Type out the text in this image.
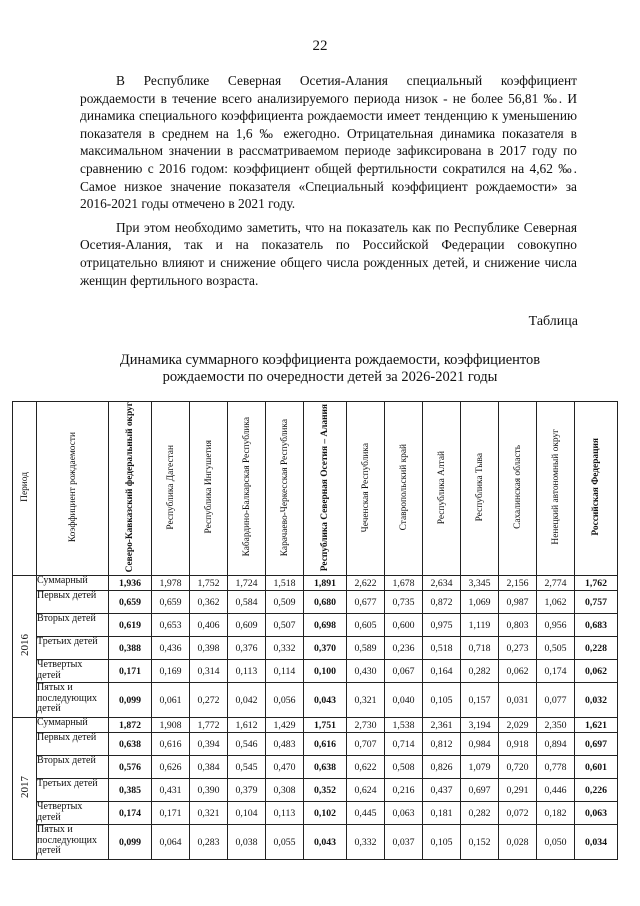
22

В Республике Северная Осетия-Алания специальный коэффициент рождаемости в течение всего анализируемого периода низок - не более 56,81 ‰. И динамика специального коэффициента рождаемости имеет тенденцию к уменьшению показателя в среднем на 1,6 ‰ ежегодно. Отрицательная динамика показателя в максимальном значении в рассматриваемом периоде зафиксирована в 2017 году по сравнению с 2016 годом: коэффициент общей фертильности сократился на 4,62 ‰. Самое низкое значение показателя «Специальный коэффициент рождаемости» за 2016-2021 годы отмечено в 2021 году.

При этом необходимо заметить, что на показатель как по Республике Северная Осетия-Алания, так и на показатель по Российской Федерации совокупно отрицательно влияют и снижение общего числа рожденных детей, и снижение числа женщин фертильного возраста.

Таблица
Динамика суммарного коэффициента рождаемости, коэффициентов
рождаемости по очередности детей за 2026-2021 годы
Период	Коэффициент рождаемости	Северо-Кавказский федеральный округ	Республика Дагестан	Республика Ингушетия	Кабардино-Балкарская Республика	Карачаево-Черкесская Республика	Республика Северная Осетия – Алания	Чеченская Республика	Ставропольский край	Республика Алтай	Республика Тыва	Сахалинская область	Ненецкий автономный округ	Российская Федерация
2016	Суммарный	1,936	1,978	1,752	1,724	1,518	1,891	2,622	1,678	2,634	3,345	2,156	2,774	1,762
	Первых детей	0,659	0,659	0,362	0,584	0,509	0,680	0,677	0,735	0,872	1,069	0,987	1,062	0,757
	Вторых детей	0,619	0,653	0,406	0,609	0,507	0,698	0,605	0,600	0,975	1,119	0,803	0,956	0,683
	Третьих детей	0,388	0,436	0,398	0,376	0,332	0,370	0,589	0,236	0,518	0,718	0,273	0,505	0,228
	Четвертых детей	0,171	0,169	0,314	0,113	0,114	0,100	0,430	0,067	0,164	0,282	0,062	0,174	0,062
	Пятых и последующих детей	0,099	0,061	0,272	0,042	0,056	0,043	0,321	0,040	0,105	0,157	0,031	0,077	0,032
2017	Суммарный	1,872	1,908	1,772	1,612	1,429	1,751	2,730	1,538	2,361	3,194	2,029	2,350	1,621
	Первых детей	0,638	0,616	0,394	0,546	0,483	0,616	0,707	0,714	0,812	0,984	0,918	0,894	0,697
	Вторых детей	0,576	0,626	0,384	0,545	0,470	0,638	0,622	0,508	0,826	1,079	0,720	0,778	0,601
	Третьих детей	0,385	0,431	0,390	0,379	0,308	0,352	0,624	0,216	0,437	0,697	0,291	0,446	0,226
	Четвертых детей	0,174	0,171	0,321	0,104	0,113	0,102	0,445	0,063	0,181	0,282	0,072	0,182	0,063
	Пятых и последующих детей	0,099	0,064	0,283	0,038	0,055	0,043	0,332	0,037	0,105	0,152	0,028	0,050	0,034
